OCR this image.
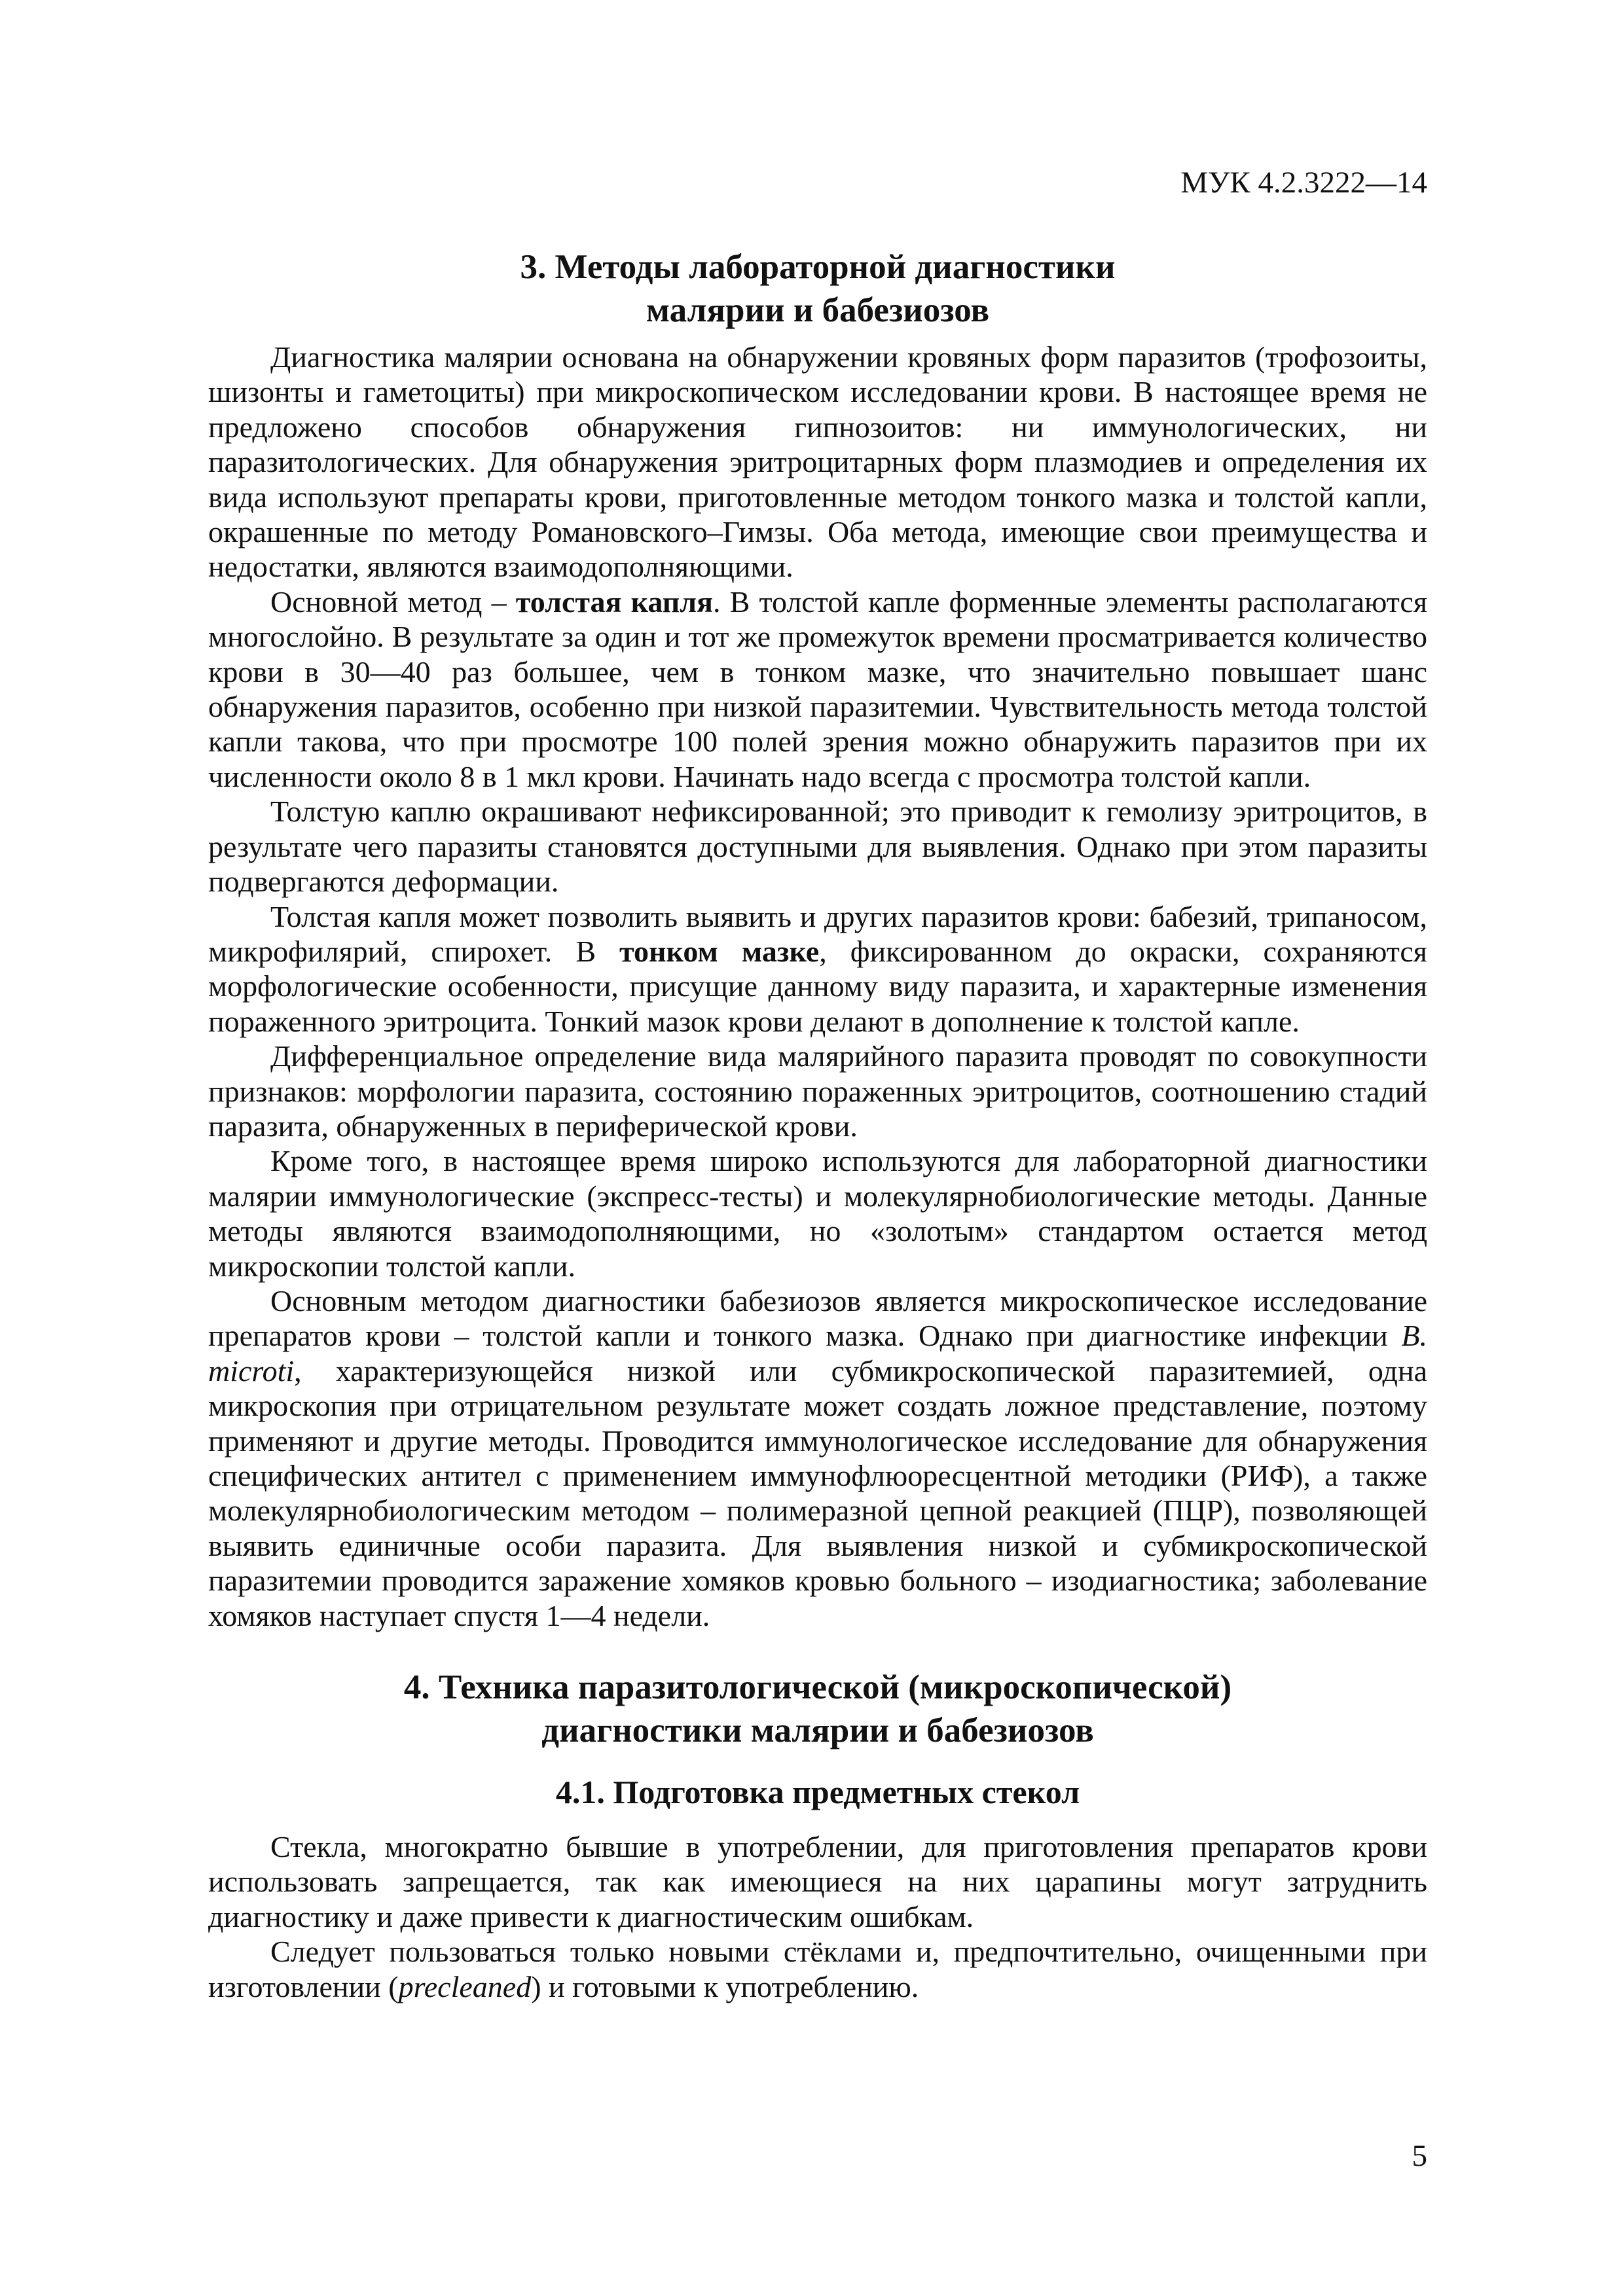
МУК 4.2.3222—14
3. Методы лабораторной диагностики
малярии и бабезиозов

Диагностика малярии основана на обнаружении кровяных форм паразитов (трофозоиты, шизонты и гаметоциты) при микроскопическом исследовании крови. В настоящее время не предложено способов обнаружения гипнозоитов: ни иммунологических, ни паразитологических. Для обнаружения эритроцитарных форм плазмодиев и определения их вида используют препараты крови, приготовленные методом тонкого мазка и толстой капли, окрашенные по методу Романовского–Гимзы. Оба метода, имеющие свои преимущества и недостатки, являются взаимодополняющими.

Основной метод – толстая капля. В толстой капле форменные элементы располагаются многослойно. В результате за один и тот же промежуток времени просматривается количество крови в 30—40 раз большее, чем в тонком мазке, что значительно повышает шанс обнаружения паразитов, особенно при низкой паразитемии. Чувствительность метода толстой капли такова, что при просмотре 100 полей зрения можно обнаружить паразитов при их численности около 8 в 1 мкл крови. Начинать надо всегда с просмотра толстой капли.

Толстую каплю окрашивают нефиксированной; это приводит к гемолизу эритроцитов, в результате чего паразиты становятся доступными для выявления. Однако при этом паразиты подвергаются деформации.

Толстая капля может позволить выявить и других паразитов крови: бабезий, трипаносом, микрофилярий, спирохет. В тонком мазке, фиксированном до окраски, сохраняются морфологические особенности, присущие данному виду паразита, и характерные изменения пораженного эритроцита. Тонкий мазок крови делают в дополнение к толстой капле.

Дифференциальное определение вида малярийного паразита проводят по совокупности признаков: морфологии паразита, состоянию пораженных эритроцитов, соотношению стадий паразита, обнаруженных в периферической крови.

Кроме того, в настоящее время широко используются для лабораторной диагностики малярии иммунологические (экспресс-тесты) и молекулярнобиологические методы. Данные методы являются взаимодополняющими, но «золотым» стандартом остается метод микроскопии толстой капли.

Основным методом диагностики бабезиозов является микроскопическое исследование препаратов крови – толстой капли и тонкого мазка. Однако при диагностике инфекции B. microti, характеризующейся низкой или субмикроскопической паразитемией, одна микроскопия при отрицательном результате может создать ложное представление, поэтому применяют и другие методы. Проводится иммунологическое исследование для обнаружения специфических антител с применением иммунофлюоресцентной методики (РИФ), а также молекулярнобиологическим методом – полимеразной цепной реакцией (ПЦР), позволяющей выявить единичные особи паразита. Для выявления низкой и субмикроскопической паразитемии проводится заражение хомяков кровью больного – изодиагностика; заболевание хомяков наступает спустя 1—4 недели.

4. Техника паразитологической (микроскопической)
диагностики малярии и бабезиозов
4.1. Подготовка предметных стекол

Стекла, многократно бывшие в употреблении, для приготовления препаратов крови использовать запрещается, так как имеющиеся на них царапины могут затруднить диагностику и даже привести к диагностическим ошибкам.

Следует пользоваться только новыми стёклами и, предпочтительно, очищенными при изготовлении (precleaned) и готовыми к употреблению.

5
